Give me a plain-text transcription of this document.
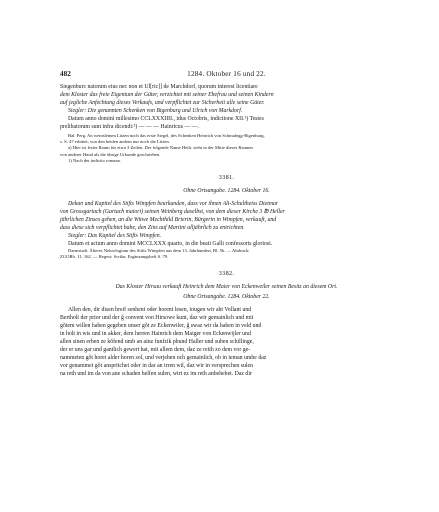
482	1284. Oktober 16 und 22.

Siegenburc natorum eius nec non et Ul[ric]] de Marchdorf, quorum interest licentiare

dem Kloster das freie Eigentum der Güter, verzichtet mit seiner Ehefrau und seinen Kindern

auf jegliche Anfechtung dieses Verkaufs, und verpflichtet zur Sicherheit alle seine Güter.

Siegler: Die genannten Schenken von Bigenburg und Ulrich von Markdorf.

Datum anno domini millesimo CCLXXXIIII., idus Octobris, indictione XII.¹) Testes

prelibatorum sunt infra dicendi:²) — — — Hainricus — —.

Bal. Perg. An weinsleinen Litzen noch das erste Siegel, des Schenken Heinrich von Schmalegg-Bigenburg,

s. S. 47 erbittet, von den beiden andern nur noch die Litzen.

a) Hier ist freier Raum für etwa 3 Zeilen. Der folgende Name Heilr. steht in der Mitte dieses Raumes

von anderer Hand als die übrige Urkunde geschrieben.

1) Nach der indictio romana.

3381.
Ohne Ortsangabe. 1284. Oktober 16.

Dekan und Kapitel des Stifts Wimpfen beurkunden, dass vor ihnen Alt-Schultheiss Dietmar

von Grossgartach (Gartach maiori) seinen Weinberg daselbst, von dem dieser Kirche 3 ℔ Heller

jährlichen Zinses gehen, an die Witwe Mechthild Brierin, Bürgerin in Wimpfen, verkauft, und

dass diese sich verpflichtet habe, den Zins auf Martini alljährlich zu entrichten.

Siegler: Das Kapitel des Stifts Wimpfen.

Datum et actum anno domini MCCLXXX quarto, in die beati Galli confessoris gloriosi.

Darmstadt. Älteres Nekrologium des Stifts Wimpfen aus dem 13. Jahrhundert, Bl. 5b. — Abdruck:

ZGORh. 11, 162. — Regest: Scriba, Ergänzungsheft S. 79.

3382.
Das Kloster Hirsau verkauft Heinrich dem Maier von Eckenweiler seinen Besitz an diesem Ort.
Ohne Ortsangabe. 1284. Oktober 22.

Allen den, dir disen breif senhent oder horent lesen, tougen wir abt Vollant und

Bertholt der prior und der ǧ convent von Hirsowe kunt, daz wir gemainlich und mit

gǒtem willen haben gegeben unser gǒt ze Eckenwiler, ǧ swaz wir da haben in veld und

in holt in wis und in akker, dem herren Hainrich dem Maiger von Eckenwijler und

allen sinen erben ze kǒfend umb an ainz funfzik phund Haller und suben schillinge,

der er uns gar und gantlich gewert hat, mit allem dem, daz ze reith zo dem vor ge-

nammeten gǒt horet alder horen sol, und verjehen och gemainlich, ob in ieman umbe daz

vor genammet gǒt anspriichet oder in dar an irren wil, daz wir in versprechen sulen

na reth und im da von ane schaden helfen sulen, wirt ez im reth anbehebet. Daz dir
